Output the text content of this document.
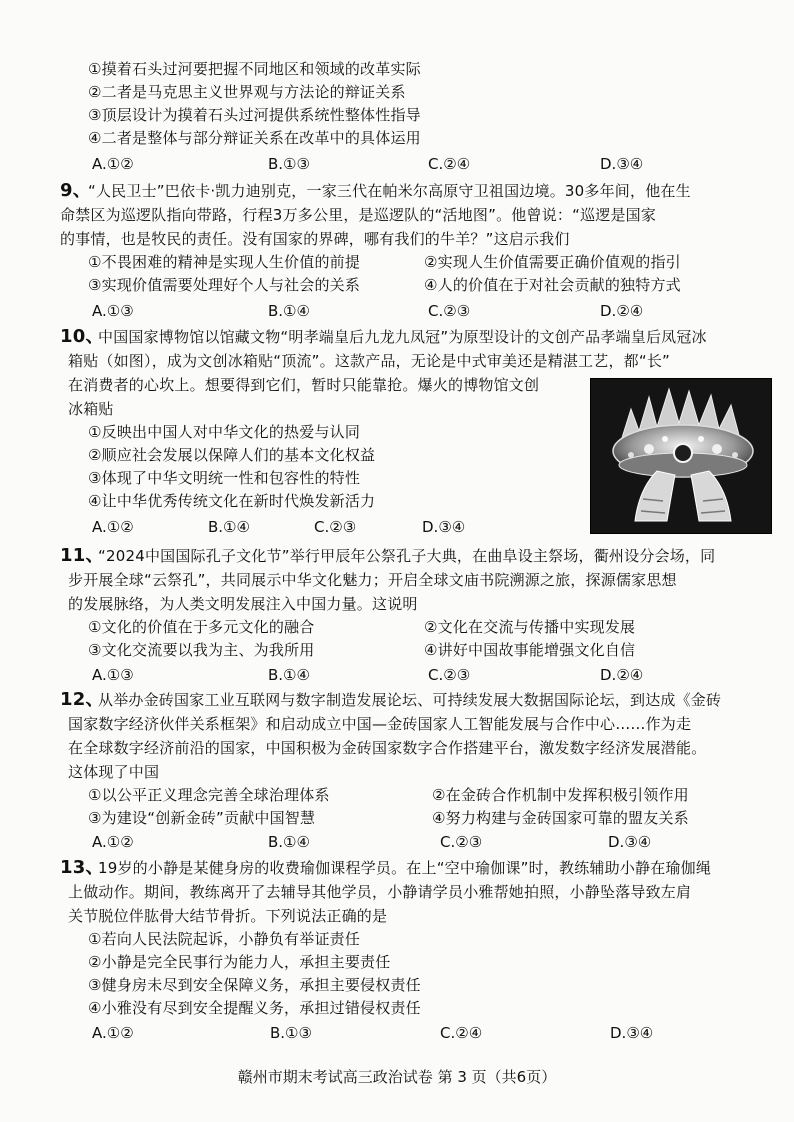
①摸着石头过河要把握不同地区和领域的改革实际
②二者是马克思主义世界观与方法论的辩证关系
③顶层设计为摸着石头过河提供系统性整体性指导
④二者是整体与部分辩证关系在改革中的具体运用
A.①②	B.①③	C.②④	D.③④
9、
“人民卫士”巴依卡·凯力迪别克，一家三代在帕米尔高原守卫祖国边境。30多年间，他在生
命禁区为巡逻队指向带路，行程3万多公里，是巡逻队的“活地图”。他曾说：“巡逻是国家
的事情，也是牧民的责任。没有国家的界碑，哪有我们的牛羊？”这启示我们
①不畏困难的精神是实现人生价值的前提	②实现人生价值需要正确价值观的指引
③实现价值需要处理好个人与社会的关系	④人的价值在于对社会贡献的独特方式
A.①③	B.①④	C.②③	D.②④
10、
中国国家博物馆以馆藏文物“明孝端皇后九龙九凤冠”为原型设计的文创产品孝端皇后凤冠冰
箱贴（如图），成为文创冰箱贴“顶流”。这款产品，无论是中式审美还是精湛工艺，都“长”
在消费者的心坎上。想要得到它们，暂时只能靠抢。爆火的博物馆文创
冰箱贴
①反映出中国人对中华文化的热爱与认同
②顺应社会发展以保障人们的基本文化权益
③体现了中华文明统一性和包容性的特性
④让中华优秀传统文化在新时代焕发新活力
A.①②	B.①④	C.②③	D.③④
11、
“2024中国国际孔子文化节”举行甲辰年公祭孔子大典，在曲阜设主祭场，衢州设分会场，同
步开展全球“云祭孔”，共同展示中华文化魅力；开启全球文庙书院溯源之旅，探源儒家思想
的发展脉络，为人类文明发展注入中国力量。这说明
①文化的价值在于多元文化的融合	②文化在交流与传播中实现发展
③文化交流要以我为主、为我所用	④讲好中国故事能增强文化自信
A.①③	B.①④	C.②③	D.②④
12、
从举办金砖国家工业互联网与数字制造发展论坛、可持续发展大数据国际论坛，到达成《金砖
国家数字经济伙伴关系框架》和启动成立中国—金砖国家人工智能发展与合作中心……作为走
在全球数字经济前沿的国家，中国积极为金砖国家数字合作搭建平台，激发数字经济发展潜能。
这体现了中国
①以公平正义理念完善全球治理体系	②在金砖合作机制中发挥积极引领作用
③为建设“创新金砖”贡献中国智慧	④努力构建与金砖国家可靠的盟友关系
A.①②	B.①④	C.②③	D.③④
13、
19岁的小静是某健身房的收费瑜伽课程学员。在上“空中瑜伽课”时，教练辅助小静在瑜伽绳
上做动作。期间，教练离开了去辅导其他学员，小静请学员小雅帮她拍照，小静坠落导致左肩
关节脱位伴肱骨大结节骨折。下列说法正确的是
①若向人民法院起诉，小静负有举证责任
②小静是完全民事行为能力人，承担主要责任
③健身房未尽到安全保障义务，承担主要侵权责任
④小雅没有尽到安全提醒义务，承担过错侵权责任
A.①②	B.①③	C.②④	D.③④
赣州市期末考试高三政治试卷 第 3 页（共6页）
